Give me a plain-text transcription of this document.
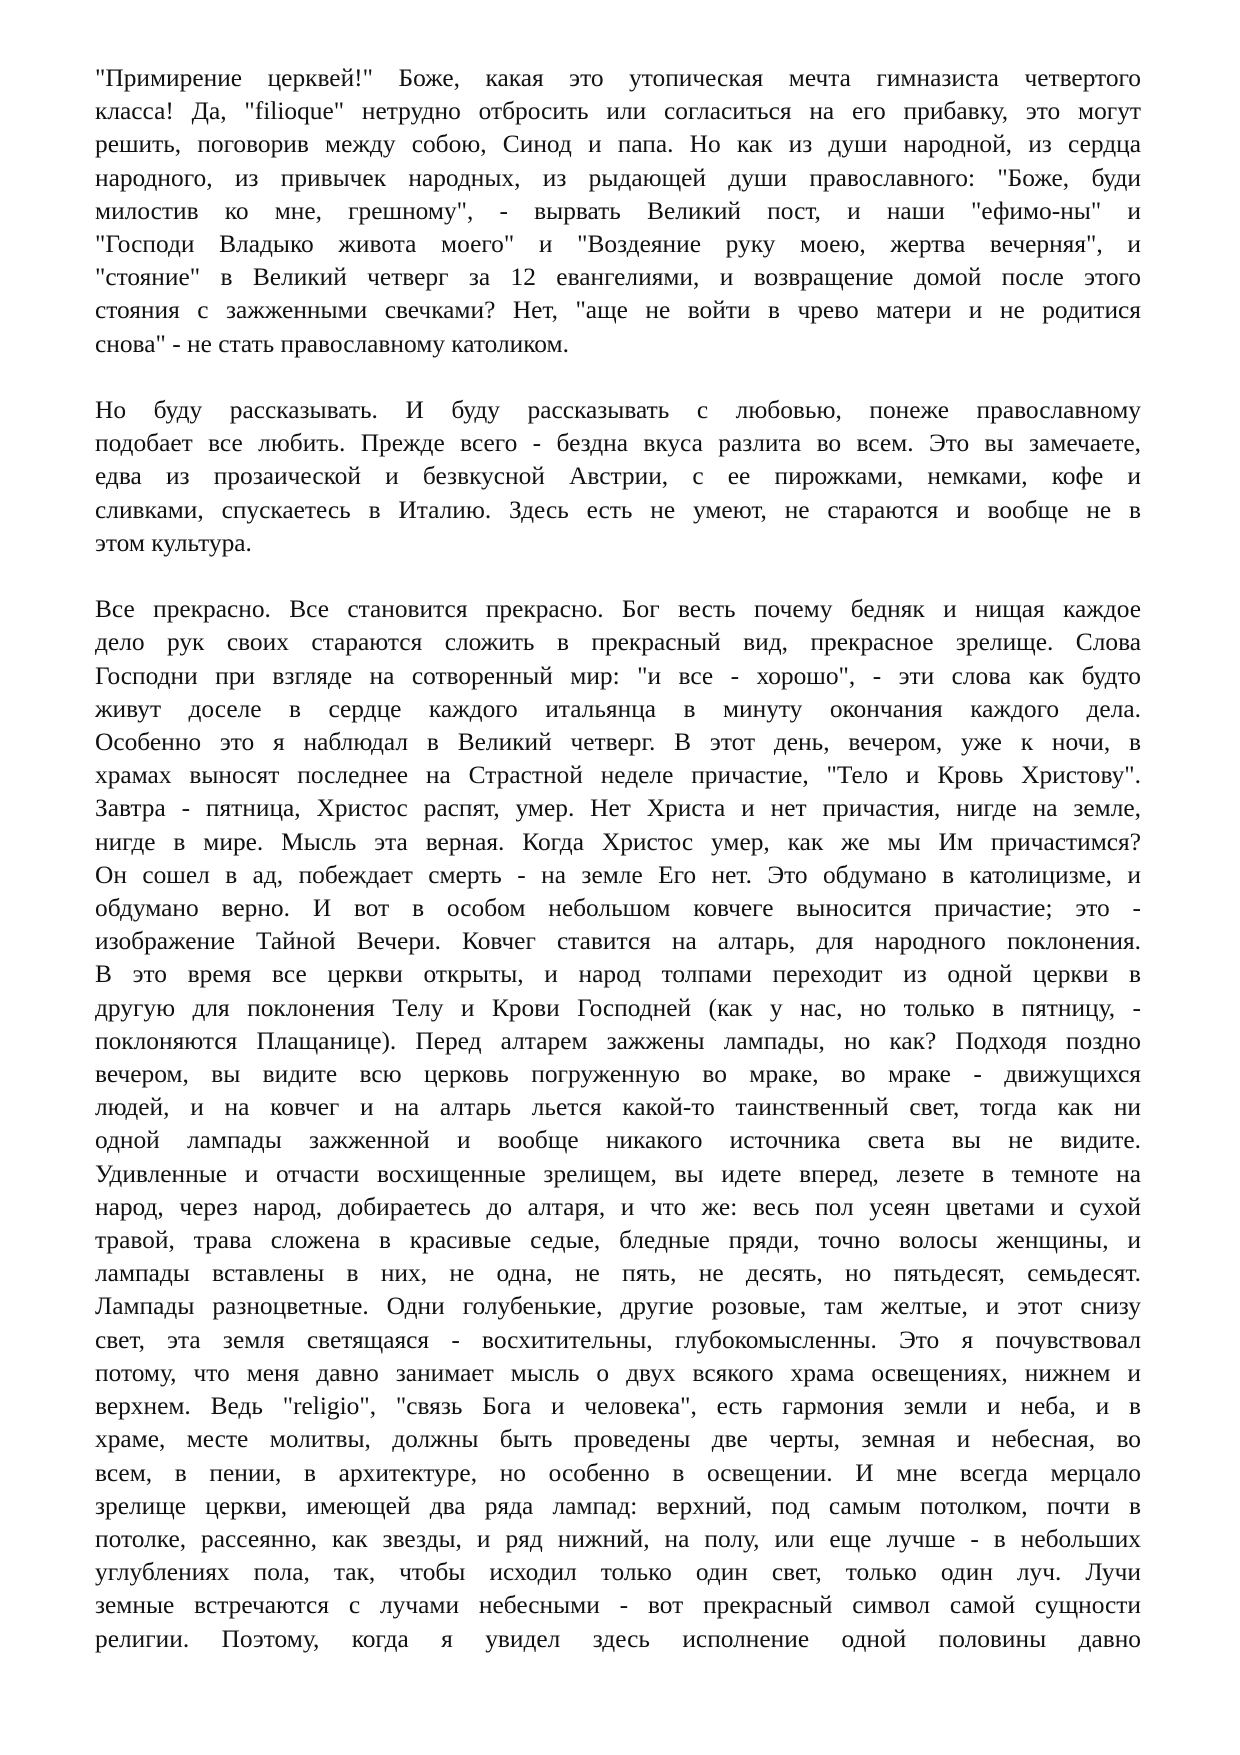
"Примирение церквей!" Боже, какая это утопическая мечта гимназиста четвертого
класса! Да, "filioque" нетрудно отбросить или согласиться на его прибавку, это могут
решить, поговорив между собою, Синод и папа. Но как из души народной, из сердца
народного, из привычек народных, из рыдающей души православного: "Боже, буди
милостив ко мне, грешному", - вырвать Великий пост, и наши "ефимо-ны" и
"Господи Владыко живота моего" и "Воздеяние руку моею, жертва вечерняя", и
"стояние" в Великий четверг за 12 евангелиями, и возвращение домой после этого
стояния с зажженными свечками? Нет, "аще не войти в чрево матери и не родитися
снова" - не стать православному католиком.
Но буду рассказывать. И буду рассказывать с любовью, понеже православному
подобает все любить. Прежде всего - бездна вкуса разлита во всем. Это вы замечаете,
едва из прозаической и безвкусной Австрии, с ее пирожками, немками, кофе и
сливками, спускаетесь в Италию. Здесь есть не умеют, не стараются и вообще не в
этом культура.
Все прекрасно. Все становится прекрасно. Бог весть почему бедняк и нищая каждое
дело рук своих стараются сложить в прекрасный вид, прекрасное зрелище. Слова
Господни при взгляде на сотворенный мир: "и все - хорошо", - эти слова как будто
живут доселе в сердце каждого итальянца в минуту окончания каждого дела.
Особенно это я наблюдал в Великий четверг. В этот день, вечером, уже к ночи, в
храмах выносят последнее на Страстной неделе причастие, "Тело и Кровь Христову".
Завтра - пятница, Христос распят, умер. Нет Христа и нет причастия, нигде на земле,
нигде в мире. Мысль эта верная. Когда Христос умер, как же мы Им причастимся?
Он сошел в ад, побеждает смерть - на земле Его нет. Это обдумано в католицизме, и
обдумано верно. И вот в особом небольшом ковчеге выносится причастие; это -
изображение Тайной Вечери. Ковчег ставится на алтарь, для народного поклонения.
В это время все церкви открыты, и народ толпами переходит из одной церкви в
другую для поклонения Телу и Крови Господней (как у нас, но только в пятницу, -
поклоняются Плащанице). Перед алтарем зажжены лампады, но как? Подходя поздно
вечером, вы видите всю церковь погруженную во мраке, во мраке - движущихся
людей, и на ковчег и на алтарь льется какой-то таинственный свет, тогда как ни
одной лампады зажженной и вообще никакого источника света вы не видите.
Удивленные и отчасти восхищенные зрелищем, вы идете вперед, лезете в темноте на
народ, через народ, добираетесь до алтаря, и что же: весь пол усеян цветами и сухой
травой, трава сложена в красивые седые, бледные пряди, точно волосы женщины, и
лампады вставлены в них, не одна, не пять, не десять, но пятьдесят, семьдесят.
Лампады разноцветные. Одни голубенькие, другие розовые, там желтые, и этот снизу
свет, эта земля светящаяся - восхитительны, глубокомысленны. Это я почувствовал
потому, что меня давно занимает мысль о двух всякого храма освещениях, нижнем и
верхнем. Ведь "religio", "связь Бога и человека", есть гармония земли и неба, и в
храме, месте молитвы, должны быть проведены две черты, земная и небесная, во
всем, в пении, в архитектуре, но особенно в освещении. И мне всегда мерцало
зрелище церкви, имеющей два ряда лампад: верхний, под самым потолком, почти в
потолке, рассеянно, как звезды, и ряд нижний, на полу, или еще лучше - в небольших
углублениях пола, так, чтобы исходил только один свет, только один луч. Лучи
земные встречаются с лучами небесными - вот прекрасный символ самой сущности
религии. Поэтому, когда я увидел здесь исполнение одной половины давно
